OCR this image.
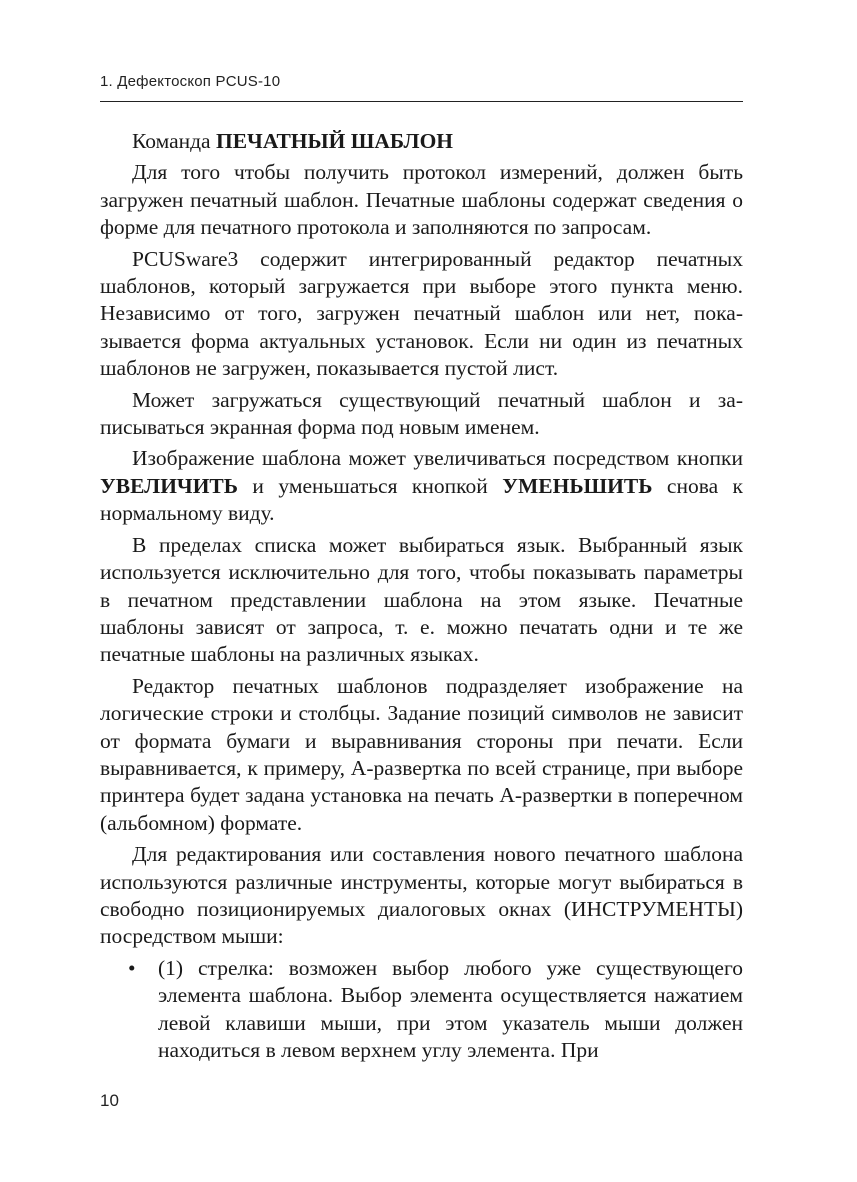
1. Дефектоскоп PCUS-10

Команда ПЕЧАТНЫЙ ШАБЛОН

Для того чтобы получить протокол измерений, должен быть загружен печатный шаблон. Печатные шаблоны содержат сведения о форме для печатного протокола и заполняются по запросам.

PCUSware3 содержит интегрированный редактор печатных шаблонов, который загружается при выборе этого пункта меню. Независимо от того, загружен печатный шаблон или нет, показывается форма актуальных установок. Если ни один из печатных шаблонов не загружен, показывается пустой лист.

Может загружаться существующий печатный шаблон и записываться экранная форма под новым именем.

Изображение шаблона может увеличиваться посредством кнопки УВЕЛИЧИТЬ и уменьшаться кнопкой УМЕНЬШИТЬ снова к нормальному виду.

В пределах списка может выбираться язык. Выбранный язык используется исключительно для того, чтобы показывать параметры в печатном представлении шаблона на этом языке. Печатные шаблоны зависят от запроса, т. е. можно печатать одни и те же печатные шаблоны на различных языках.

Редактор печатных шаблонов подразделяет изображение на логические строки и столбцы. Задание позиций символов не зависит от формата бумаги и выравнивания стороны при печати. Если выравнивается, к примеру, А-развертка по всей странице, при выборе принтера будет задана установка на печать А-развертки в поперечном (альбомном) формате.

Для редактирования или составления нового печатного шаблона используются различные инструменты, которые могут выбираться в свободно позиционируемых диалоговых окнах (ИНСТРУМЕНТЫ) посредством мыши:

• (1) стрелка: возможен выбор любого уже существующего элемента шаблона. Выбор элемента осуществляется нажатием левой клавиши мыши, при этом указатель мыши должен находиться в левом верхнем углу элемента. При
10
